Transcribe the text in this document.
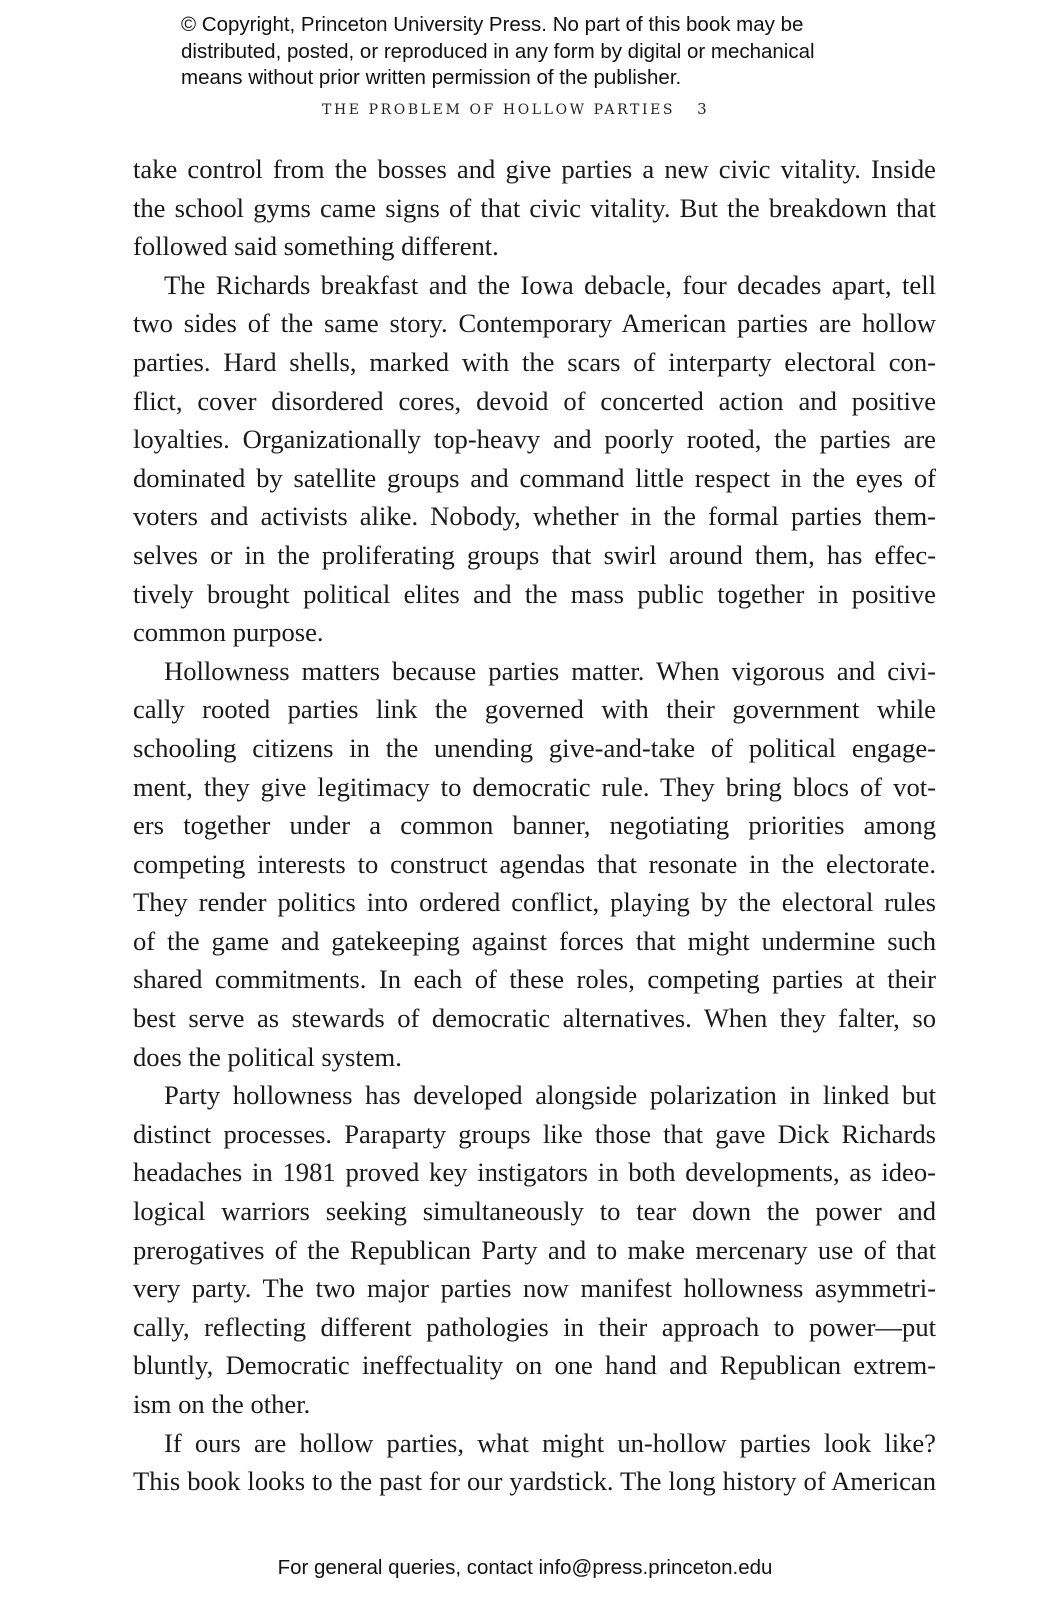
© Copyright, Princeton University Press. No part of this book may be
distributed, posted, or reproduced in any form by digital or mechanical
means without prior written permission of the publisher.
THE PROBLEM OF HOLLOW PARTIES 3
take control from the bosses and give parties a new civic vitality. Inside
the school gyms came signs of that civic vitality. But the breakdown that
followed said something different.
The Richards breakfast and the Iowa debacle, four decades apart, tell
two sides of the same story. Contemporary American parties are hollow
parties. Hard shells, marked with the scars of interparty electoral con-
flict, cover disordered cores, devoid of concerted action and positive
loyalties. Organizationally top-heavy and poorly rooted, the parties are
dominated by satellite groups and command little respect in the eyes of
voters and activists alike. Nobody, whether in the formal parties them-
selves or in the proliferating groups that swirl around them, has effec-
tively brought political elites and the mass public together in positive
common purpose.
Hollowness matters because parties matter. When vigorous and civi-
cally rooted parties link the governed with their government while
schooling citizens in the unending give-and-take of political engage-
ment, they give legitimacy to democratic rule. They bring blocs of vot-
ers together under a common banner, negotiating priorities among
competing interests to construct agendas that resonate in the electorate.
They render politics into ordered conflict, playing by the electoral rules
of the game and gatekeeping against forces that might undermine such
shared commitments. In each of these roles, competing parties at their
best serve as stewards of democratic alternatives. When they falter, so
does the political system.
Party hollowness has developed alongside polarization in linked but
distinct processes. Paraparty groups like those that gave Dick Richards
headaches in 1981 proved key instigators in both developments, as ideo-
logical warriors seeking simultaneously to tear down the power and
prerogatives of the Republican Party and to make mercenary use of that
very party. The two major parties now manifest hollowness asymmetri-
cally, reflecting different pathologies in their approach to power—put
bluntly, Democratic ineffectuality on one hand and Republican extrem-
ism on the other.
If ours are hollow parties, what might un-hollow parties look like?
This book looks to the past for our yardstick. The long history of American
For general queries, contact info@press.princeton.edu
